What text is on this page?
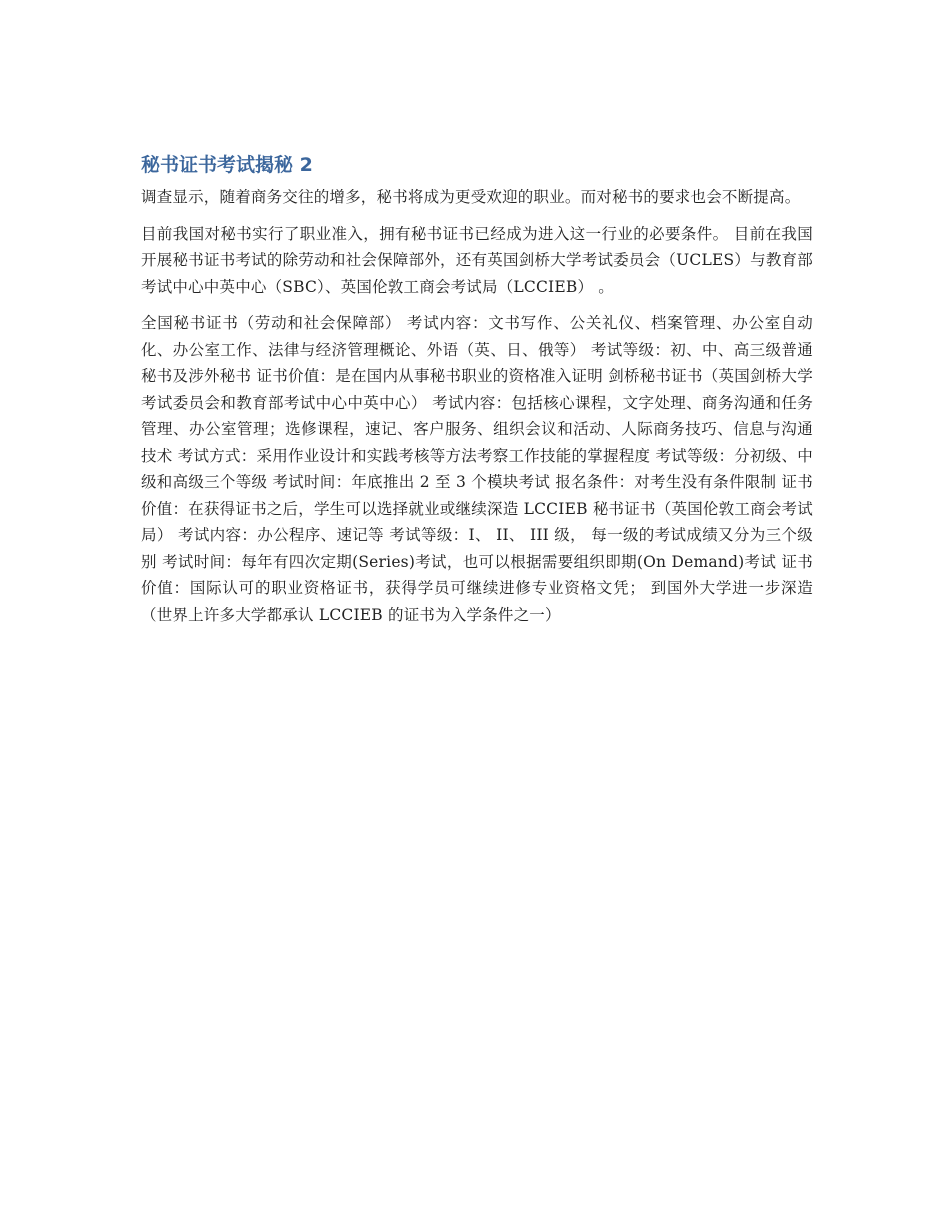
秘书证书考试揭秘 2

调查显示，随着商务交往的增多，秘书将成为更受欢迎的职业。而对秘书的要求也会不断提高。

目前我国对秘书实行了职业准入，拥有秘书证书已经成为进入这一行业的必要条件。 目前在我国开展秘书证书考试的除劳动和社会保障部外，还有英国剑桥大学考试委员会（UCLES）与教育部考试中心中英中心（SBC）、英国伦敦工商会考试局（LCCIEB） 。

全国秘书证书（劳动和社会保障部） 考试内容：文书写作、公关礼仪、档案管理、办公室自动化、办公室工作、法律与经济管理概论、外语（英、日、俄等） 考试等级：初、中、高三级普通秘书及涉外秘书 证书价值：是在国内从事秘书职业的资格准入证明 剑桥秘书证书（英国剑桥大学考试委员会和教育部考试中心中英中心） 考试内容：包括核心课程，文字处理、商务沟通和任务管理、办公室管理；选修课程，速记、客户服务、组织会议和活动、人际商务技巧、信息与沟通技术 考试方式：采用作业设计和实践考核等方法考察工作技能的掌握程度 考试等级：分初级、中级和高级三个等级 考试时间：年底推出 2 至 3 个模块考试 报名条件：对考生没有条件限制 证书价值：在获得证书之后，学生可以选择就业或继续深造 LCCIEB 秘书证书（英国伦敦工商会考试局） 考试内容：办公程序、速记等 考试等级：I、 II、 III 级， 每一级的考试成绩又分为三个级别 考试时间：每年有四次定期(Series)考试，也可以根据需要组织即期(On Demand)考试 证书价值：国际认可的职业资格证书，获得学员可继续进修专业资格文凭； 到国外大学进一步深造（世界上许多大学都承认 LCCIEB 的证书为入学条件之一）
